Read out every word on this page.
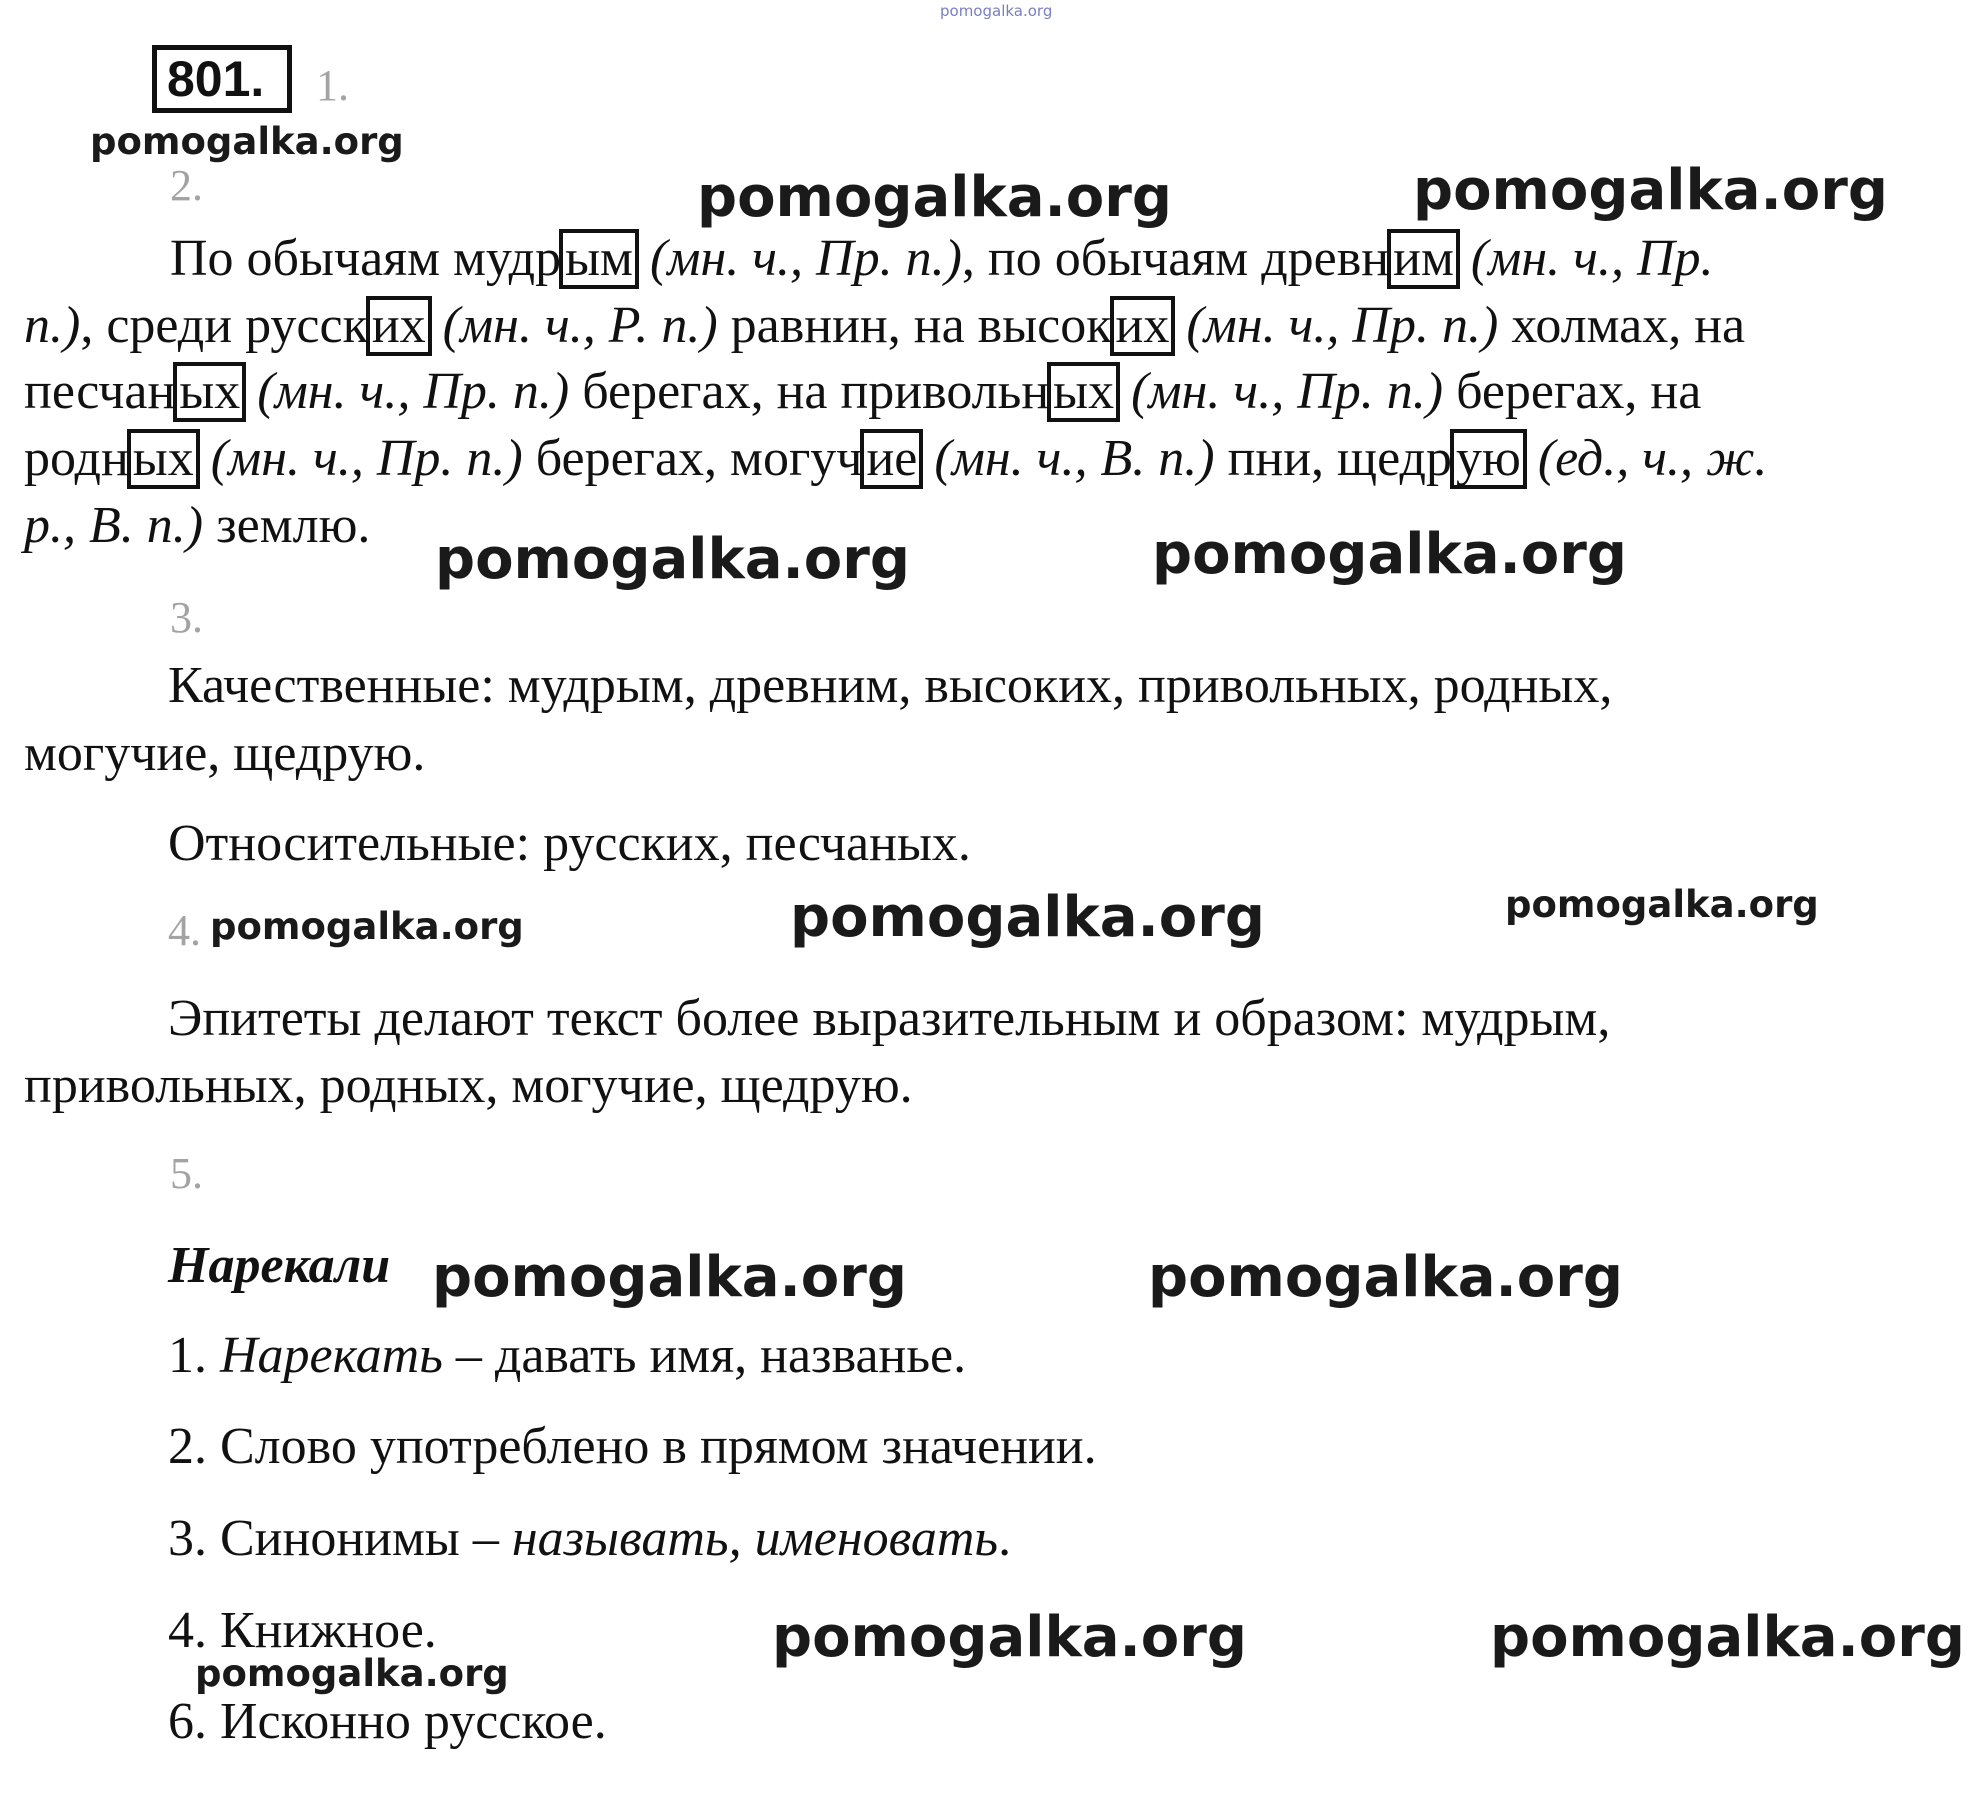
pomogalka.org
801.	1.
pomogalka.org
pomogalka.org	pomogalka.org
pomogalka.org	pomogalka.org
pomogalka.org	pomogalka.org	pomogalka.org
pomogalka.org	pomogalka.org
pomogalka.org
pomogalka.org	pomogalka.org
2.
По обычаям мудрым (мн. ч., Пр. п.), по обычаям древним (мн. ч., Пр.
п.), среди русских (мн. ч., Р. п.) равнин, на высоких (мн. ч., Пр. п.) холмах, на
песчаных (мн. ч., Пр. п.) берегах, на привольных (мн. ч., Пр. п.) берегах, на
родных (мн. ч., Пр. п.) берегах, могучие (мн. ч., В. п.) пни, щедрую (ед., ч., ж.
р., В. п.) землю.
3.
Качественные: мудрым, древним, высоких, привольных, родных,
могучие, щедрую.
Относительные: русских, песчаных.
4.
Эпитеты делают текст более выразительным и образом: мудрым,
привольных, родных, могучие, щедрую.
5.
Нарекали
1. Нарекать – давать имя, названье.
2. Слово употреблено в прямом значении.
3. Синонимы – называть, именовать.
4. Книжное.
6. Исконно русское.
